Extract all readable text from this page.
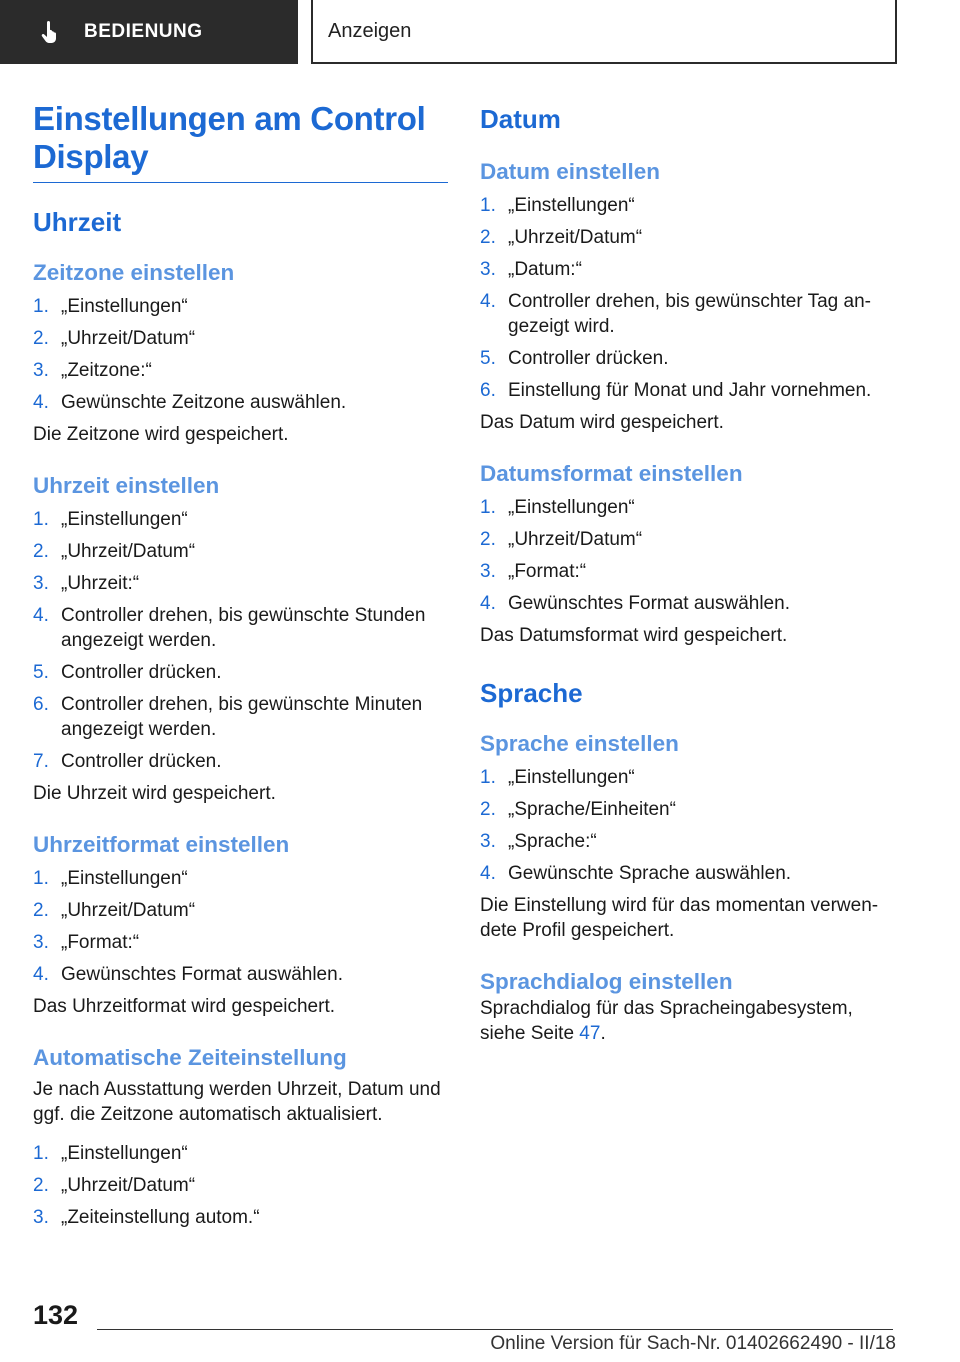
BEDIENUNG	Anzeigen
Einstellungen am Control Display
Uhrzeit
Zeitzone einstellen
1. „Einstellungen“
2. „Uhrzeit/Datum“
3. „Zeitzone:“
4. Gewünschte Zeitzone auswählen.

Die Zeitzone wird gespeichert.

Uhrzeit einstellen
1. „Einstellungen“
2. „Uhrzeit/Datum“
3. „Uhrzeit:“
4. Controller drehen, bis gewünschte Stunden angezeigt werden.
5. Controller drücken.
6. Controller drehen, bis gewünschte Minuten angezeigt werden.
7. Controller drücken.

Die Uhrzeit wird gespeichert.

Uhrzeitformat einstellen
1. „Einstellungen“
2. „Uhrzeit/Datum“
3. „Format:“
4. Gewünschtes Format auswählen.

Das Uhrzeitformat wird gespeichert.

Automatische Zeiteinstellung

Je nach Ausstattung werden Uhrzeit, Datum und ggf. die Zeitzone automatisch aktualisiert.

1. „Einstellungen“
2. „Uhrzeit/Datum“
3. „Zeiteinstellung autom.“
Datum
Datum einstellen
1. „Einstellungen“
2. „Uhrzeit/Datum“
3. „Datum:“
4. Controller drehen, bis gewünschter Tag angezeigt wird.
5. Controller drücken.
6. Einstellung für Monat und Jahr vornehmen.

Das Datum wird gespeichert.

Datumsformat einstellen
1. „Einstellungen“
2. „Uhrzeit/Datum“
3. „Format:“
4. Gewünschtes Format auswählen.

Das Datumsformat wird gespeichert.

Sprache
Sprache einstellen
1. „Einstellungen“
2. „Sprache/Einheiten“
3. „Sprache:“
4. Gewünschte Sprache auswählen.

Die Einstellung wird für das momentan verwendete Profil gespeichert.

Sprachdialog einstellen

Sprachdialog für das Spracheingabesystem, siehe Seite 47.

132
Online Version für Sach-Nr. 01402662490 - II/18
